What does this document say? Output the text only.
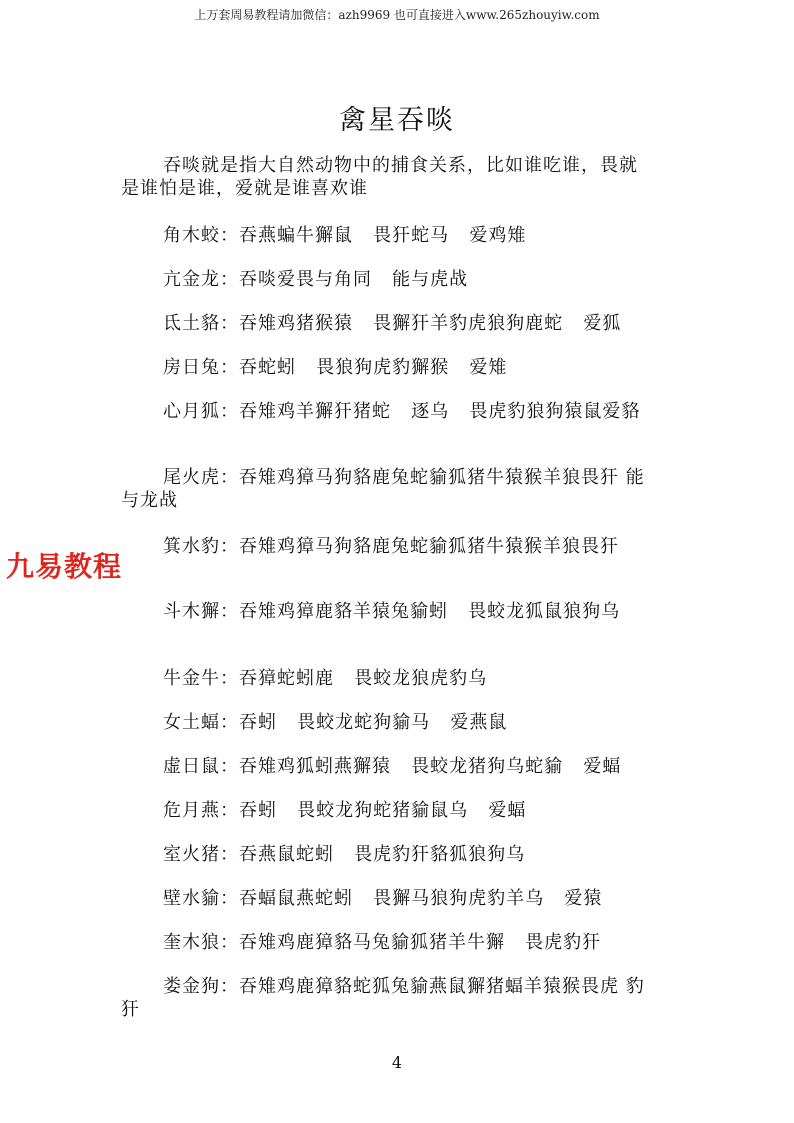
上万套周易教程请加微信：azh9969 也可直接进入www.265zhouyiw.com
禽星吞啖
吞啖就是指大自然动物中的捕食关系，比如谁吃谁，畏就 是谁怕是谁，爱就是谁喜欢谁
角木蛟：吞燕蝙牛獬鼠   畏犴蛇马   爱鸡雉
亢金龙：吞啖爱畏与角同   能与虎战
氐土貉：吞雉鸡猪猴猿   畏獬犴羊豹虎狼狗鹿蛇   爱狐
房日兔：吞蛇蚓   畏狼狗虎豹獬猴   爱雉
心月狐：吞雉鸡羊獬犴猪蛇   逐乌   畏虎豹狼狗猿鼠爱貉
尾火虎：吞雉鸡獐马狗貉鹿兔蛇貐狐猪牛猿猴羊狼畏犴 能与龙战
箕水豹：吞雉鸡獐马狗貉鹿兔蛇貐狐猪牛猿猴羊狼畏犴
斗木獬：吞雉鸡獐鹿貉羊猿兔貐蚓   畏蛟龙狐鼠狼狗乌
牛金牛：吞獐蛇蚓鹿   畏蛟龙狼虎豹乌
女土蝠：吞蚓   畏蛟龙蛇狗貐马   爱燕鼠
虚日鼠：吞雉鸡狐蚓燕獬猿   畏蛟龙猪狗乌蛇貐   爱蝠
危月燕：吞蚓   畏蛟龙狗蛇猪貐鼠乌   爱蝠
室火猪：吞燕鼠蛇蚓   畏虎豹犴貉狐狼狗乌
壁水貐：吞蝠鼠燕蛇蚓   畏獬马狼狗虎豹羊乌   爱猿
奎木狼：吞雉鸡鹿獐貉马兔貐狐猪羊牛獬   畏虎豹犴
娄金狗：吞雉鸡鹿獐貉蛇狐兔貐燕鼠獬猪蝠羊猿猴畏虎 豹犴
九易教程
4
